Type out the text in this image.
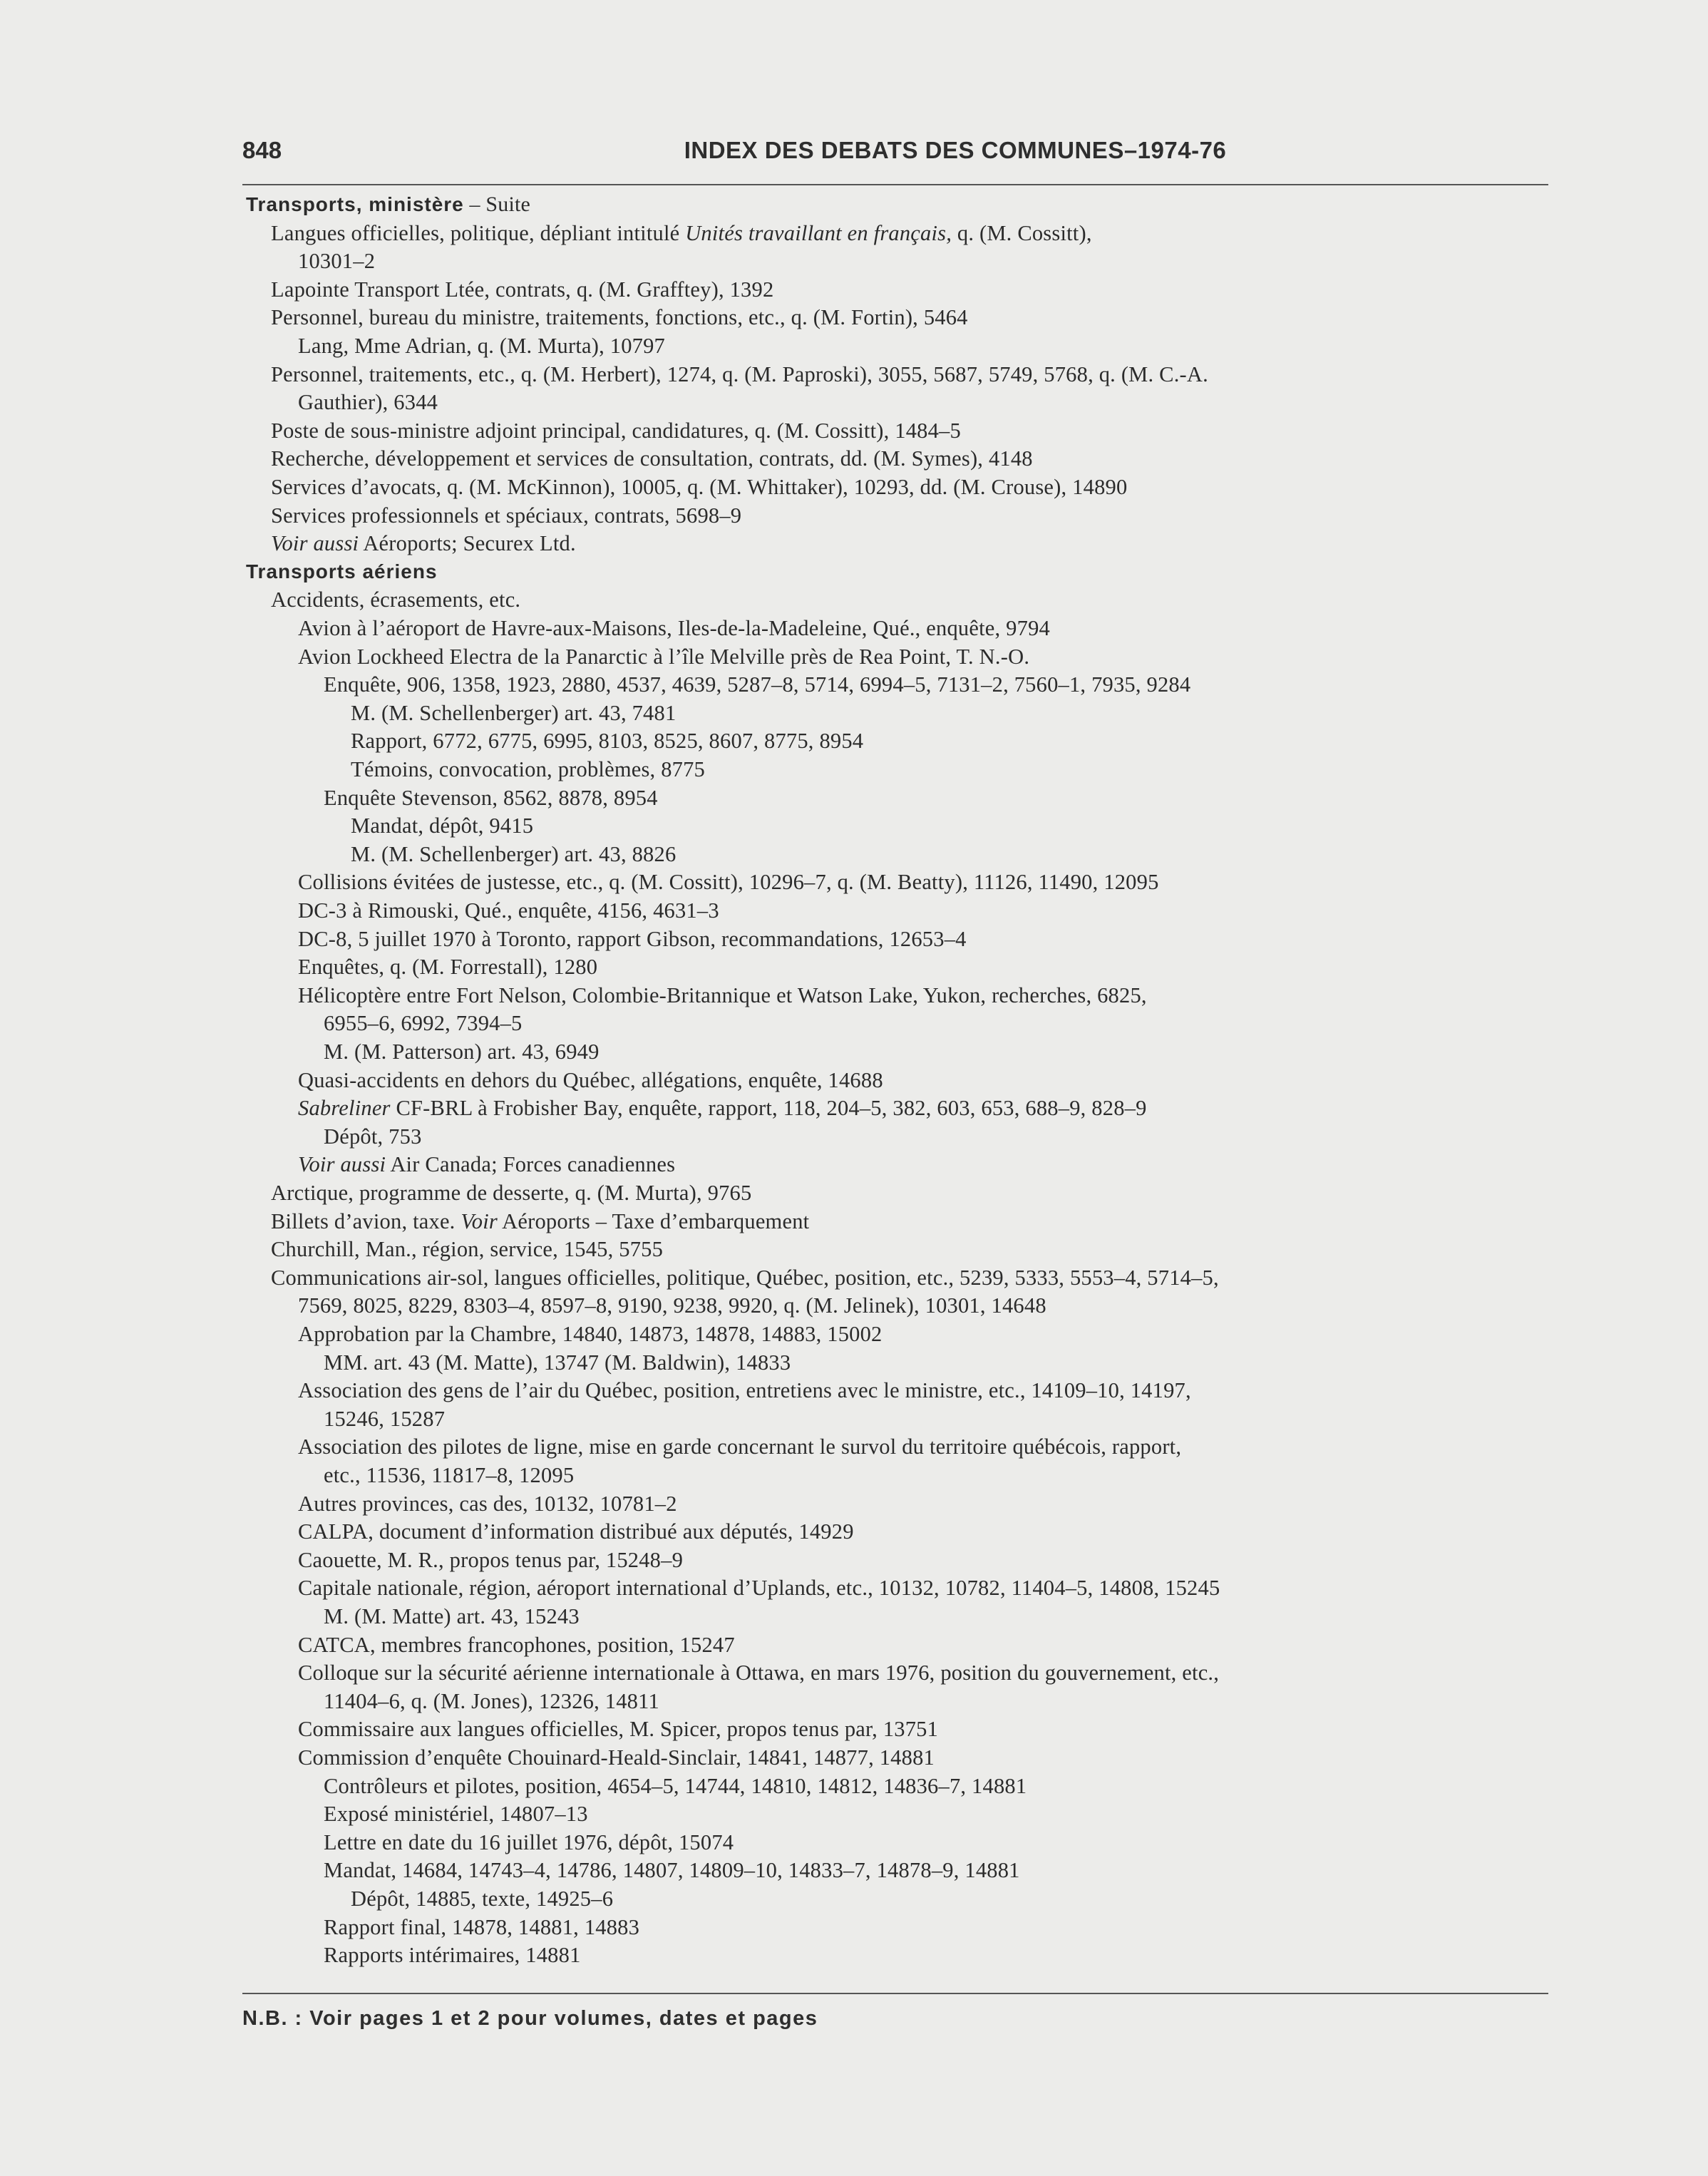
848	INDEX DES DEBATS DES COMMUNES–1974-76
Transports, ministère – Suite
Langues officielles, politique, dépliant intitulé Unités travaillant en français, q. (M. Cossitt),
10301–2
Lapointe Transport Ltée, contrats, q. (M. Grafftey), 1392
Personnel, bureau du ministre, traitements, fonctions, etc., q. (M. Fortin), 5464
Lang, Mme Adrian, q. (M. Murta), 10797
Personnel, traitements, etc., q. (M. Herbert), 1274, q. (M. Paproski), 3055, 5687, 5749, 5768, q. (M. C.-A.
Gauthier), 6344
Poste de sous-ministre adjoint principal, candidatures, q. (M. Cossitt), 1484–5
Recherche, développement et services de consultation, contrats, dd. (M. Symes), 4148
Services d’avocats, q. (M. McKinnon), 10005, q. (M. Whittaker), 10293, dd. (M. Crouse), 14890
Services professionnels et spéciaux, contrats, 5698–9
Voir aussi Aéroports; Securex Ltd.
Transports aériens
Accidents, écrasements, etc.
Avion à l’aéroport de Havre-aux-Maisons, Iles-de-la-Madeleine, Qué., enquête, 9794
Avion Lockheed Electra de la Panarctic à l’île Melville près de Rea Point, T. N.-O.
Enquête, 906, 1358, 1923, 2880, 4537, 4639, 5287–8, 5714, 6994–5, 7131–2, 7560–1, 7935, 9284
M. (M. Schellenberger) art. 43, 7481
Rapport, 6772, 6775, 6995, 8103, 8525, 8607, 8775, 8954
Témoins, convocation, problèmes, 8775
Enquête Stevenson, 8562, 8878, 8954
Mandat, dépôt, 9415
M. (M. Schellenberger) art. 43, 8826
Collisions évitées de justesse, etc., q. (M. Cossitt), 10296–7, q. (M. Beatty), 11126, 11490, 12095
DC-3 à Rimouski, Qué., enquête, 4156, 4631–3
DC-8, 5 juillet 1970 à Toronto, rapport Gibson, recommandations, 12653–4
Enquêtes, q. (M. Forrestall), 1280
Hélicoptère entre Fort Nelson, Colombie-Britannique et Watson Lake, Yukon, recherches, 6825,
6955–6, 6992, 7394–5
M. (M. Patterson) art. 43, 6949
Quasi-accidents en dehors du Québec, allégations, enquête, 14688
Sabreliner CF-BRL à Frobisher Bay, enquête, rapport, 118, 204–5, 382, 603, 653, 688–9, 828–9
Dépôt, 753
Voir aussi Air Canada; Forces canadiennes
Arctique, programme de desserte, q. (M. Murta), 9765
Billets d’avion, taxe. Voir Aéroports – Taxe d’embarquement
Churchill, Man., région, service, 1545, 5755
Communications air-sol, langues officielles, politique, Québec, position, etc., 5239, 5333, 5553–4, 5714–5,
7569, 8025, 8229, 8303–4, 8597–8, 9190, 9238, 9920, q. (M. Jelinek), 10301, 14648
Approbation par la Chambre, 14840, 14873, 14878, 14883, 15002
MM. art. 43 (M. Matte), 13747 (M. Baldwin), 14833
Association des gens de l’air du Québec, position, entretiens avec le ministre, etc., 14109–10, 14197,
15246, 15287
Association des pilotes de ligne, mise en garde concernant le survol du territoire québécois, rapport,
etc., 11536, 11817–8, 12095
Autres provinces, cas des, 10132, 10781–2
CALPA, document d’information distribué aux députés, 14929
Caouette, M. R., propos tenus par, 15248–9
Capitale nationale, région, aéroport international d’Uplands, etc., 10132, 10782, 11404–5, 14808, 15245
M. (M. Matte) art. 43, 15243
CATCA, membres francophones, position, 15247
Colloque sur la sécurité aérienne internationale à Ottawa, en mars 1976, position du gouvernement, etc.,
11404–6, q. (M. Jones), 12326, 14811
Commissaire aux langues officielles, M. Spicer, propos tenus par, 13751
Commission d’enquête Chouinard-Heald-Sinclair, 14841, 14877, 14881
Contrôleurs et pilotes, position, 4654–5, 14744, 14810, 14812, 14836–7, 14881
Exposé ministériel, 14807–13
Lettre en date du 16 juillet 1976, dépôt, 15074
Mandat, 14684, 14743–4, 14786, 14807, 14809–10, 14833–7, 14878–9, 14881
Dépôt, 14885, texte, 14925–6
Rapport final, 14878, 14881, 14883
Rapports intérimaires, 14881
N.B. : Voir pages 1 et 2 pour volumes, dates et pages
